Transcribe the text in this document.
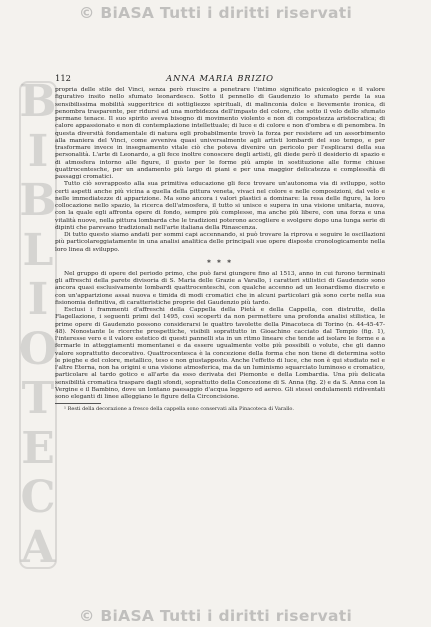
B
I
B
L
I
O
T
E
C
A
© BiASA Tutti i diritti riservati
112	ANNA MARIA BRIZIO

propria delle stile del Vinci, senza però riuscire a penetrare l'intimo significato psicologico e il valore figurativo insito nello sfumato leonardesco. Sotto il pennello di Gaudenzio lo sfumato perde la sua sensibilissima mobilità suggeritrice di sottigliezze spirituali, di malinconia dolce e lievemente ironica, di penombra trasparente, per ridursi ad una morbidezza dell'impasto del colore, che sotto il velo dello sfumato permane tenace. Il suo spirito aveva bisogno di movimento violento e non di compostezza aristocratica; di calore appassionato e non di contemplazione intellettuale; di luce e di colore e non d'ombra e di penombra. In questa diversità fondamentale di natura egli probabilmente trovò la forza per resistere ad un assorbimento alla maniera del Vinci, come avveniva quasi universalmente agli artisti lombardi del suo tempo, e per trasformare invece in insegnamento vitale ciò che poteva divenire un pericolo per l'esplicarsi della sua personalità. L'arte di Leonardo, a gli fece inoltre conoscere degli artisti, gli diede però il desiderio di spazio e di atmosfera intorno alle figure, il gusto per le forme più ampie in sostituzione alle forme chiuse quattrocentesche, per un andamento più largo di piani e per una maggior delicatezza e complessità di passaggi cromatici.

Tutto ciò sovrapposto alla sua primitiva educazione gli fece trovare un'autonoma via di sviluppo, sotto certi aspetti anche più vicina a quella della pittura veneta, vivaci nel colore e nelle composizioni, dal velo e nelle immediatezze di apparizione. Ma sono ancora i valori plastici a dominare: la resa delle figure, la loro collocazione nello spazio, la ricerca dell'atmosfera, il tutto si unisce e supera in una visione unitaria, nuova, con la quale egli affronta opere di fondo, sempre più complesse, ma anche più libere, con una forza e una vitalità nuove, nella pittura lombarda che le tradizioni poterono accogliere e svolgere dopo una lunga serie di dipinti che parevano tradizionali nell'arte italiana della Rinascenza.

Di tutto questo siamo andati per sommi capi accennando, si può trovare la riprova e seguire le oscillazioni più particolareggiatamente in una analisi analitica delle principali sue opere disposte cronologicamente nella loro linea di sviluppo.

* * *

Nel gruppo di opere del periodo primo, che può farsi giungere fino al 1513, anno in cui furono terminati gli affreschi della parete divisoria di S. Maria delle Grazie a Varallo, i caratteri stilistici di Gaudenzio sono ancora quasi esclusivamente lombardi quattrocenteschi, con qualche accenno ad un leonardismo discreto e con un'apparizione assai nuova e timida di modi cromatici che in alcuni particolari già sono certe nella sua fisionomia definitiva, di caratteristiche proprie del Gaudenzio più tardo.

Esclusi i frammenti d'affreschi della Cappella della Pietà e della Cappella, con distrutte, della Flagellazione, i seguenti primi del 1495, così scoperti da non permettere una profonda analisi stilistica, le prime opere di Gaudenzio possono considerarsi le quattro tavolette della Pinacoteca di Torino (n. 44-45-47-48). Nonostante le ricerche prospettiche, visibili soprattutto in Gioachino cacciato dal Tempio (fig. 1), l'interesse vero e il valore estetico di questi pannelli sta in un ritmo lineare che tende ad isolare le forme e a fermarle in atteggiamenti momentanei e da essere ugualmente volte più possibili o volute, che gli danno valore soprattutto decorativo. Quattrocentesca è la concezione della forma che non tiene di determina sotto le pieghe e del colore, metallico, teso e non giustapposto. Anche l'effetto di luce, che non è qui studiato nel e l'altre Eterna, non ha origini e una visione atmosferica, ma da un luminismo squarciato luminoso e cromatico, particolare al tardo gotico e all'arte da esso derivata dei Piemonte e della Lombardia. Una più delicata sensibilità cromatica traspare dagli sfondi, soprattutto della Concezione di S. Anna (fig. 2) e da S. Anna con la Vergine e il Bambino, dove un lontano paesaggio d'acqua leggero ed aereo. Gli stessi ondulamenti ridiventati sono eleganti di linee alleggiano le figure della Circoncisione.

¹ Resti della decorazione a fresco della cappella sono conservati alla Pinacoteca di Varallo.

© BiASA Tutti i diritti riservati
